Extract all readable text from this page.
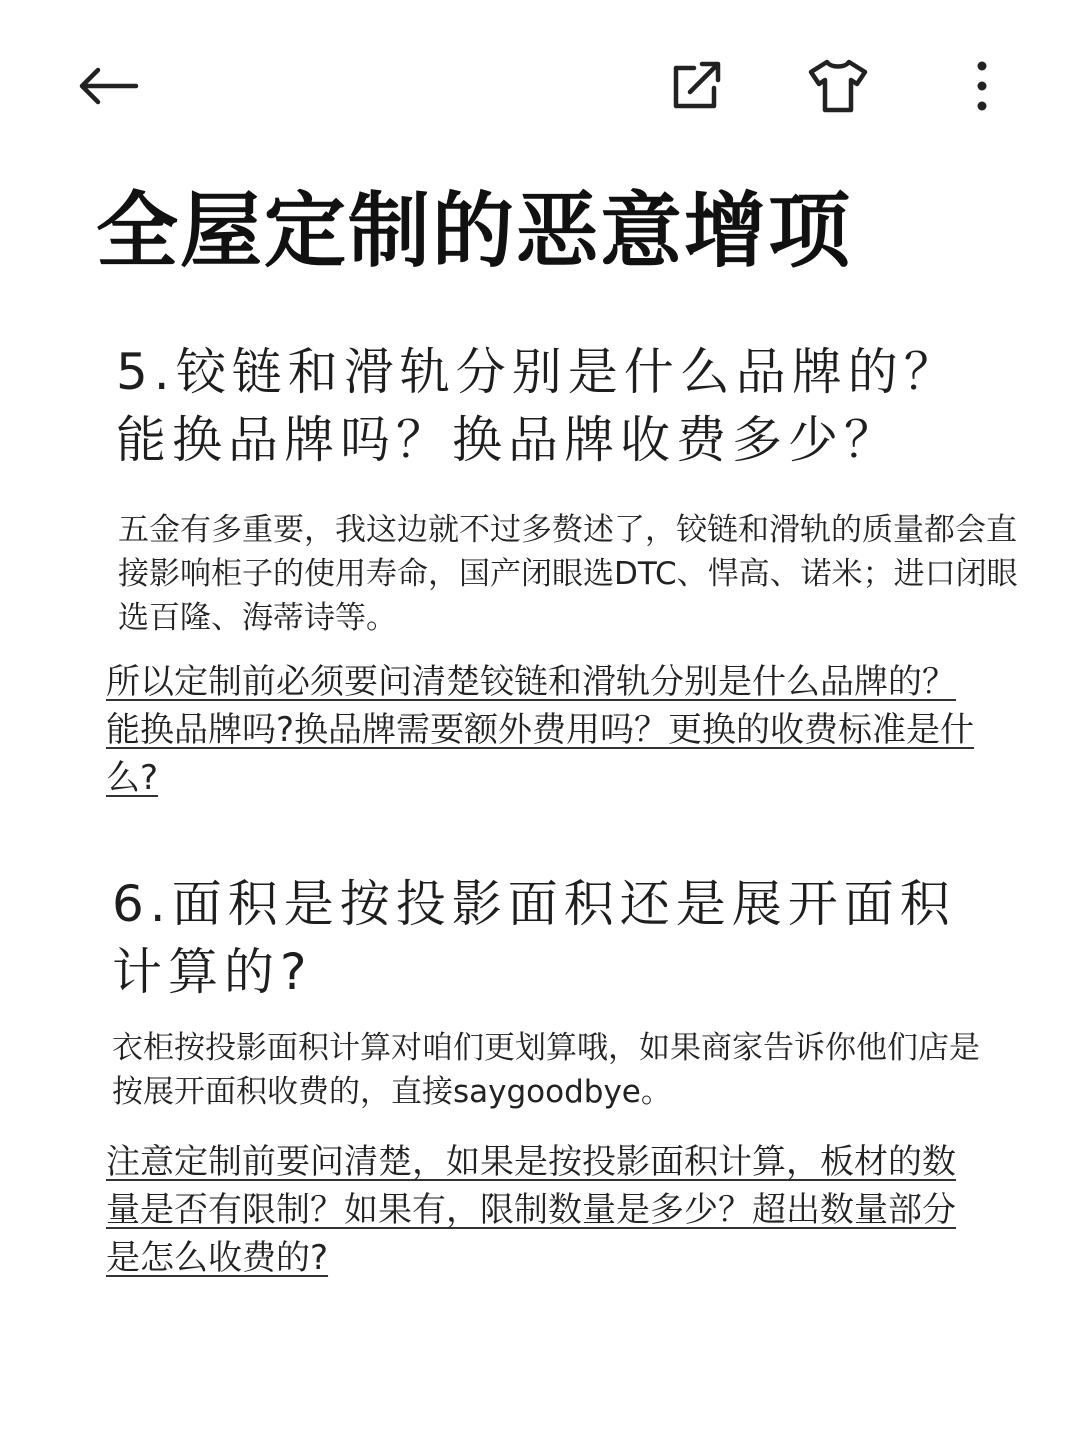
全屋定制的恶意增项
5.铰链和滑轨分别是什么品牌的？
能换品牌吗？换品牌收费多少？

五金有多重要，我这边就不过多赘述了，铰链和滑轨的质量都会直接影响柜子的使用寿命，国产闭眼选DTC、悍高、诺米；进口闭眼选百隆、海蒂诗等。

所以定制前必须要问清楚铰链和滑轨分别是什么品牌的？能换品牌吗?换品牌需要额外费用吗？更换的收费标准是什么?

6.面积是按投影面积还是展开面积
计算的?

衣柜按投影面积计算对咱们更划算哦，如果商家告诉你他们店是按展开面积收费的，直接saygoodbye。

注意定制前要问清楚，如果是按投影面积计算，板材的数量是否有限制？如果有，限制数量是多少？超出数量部分是怎么收费的?
